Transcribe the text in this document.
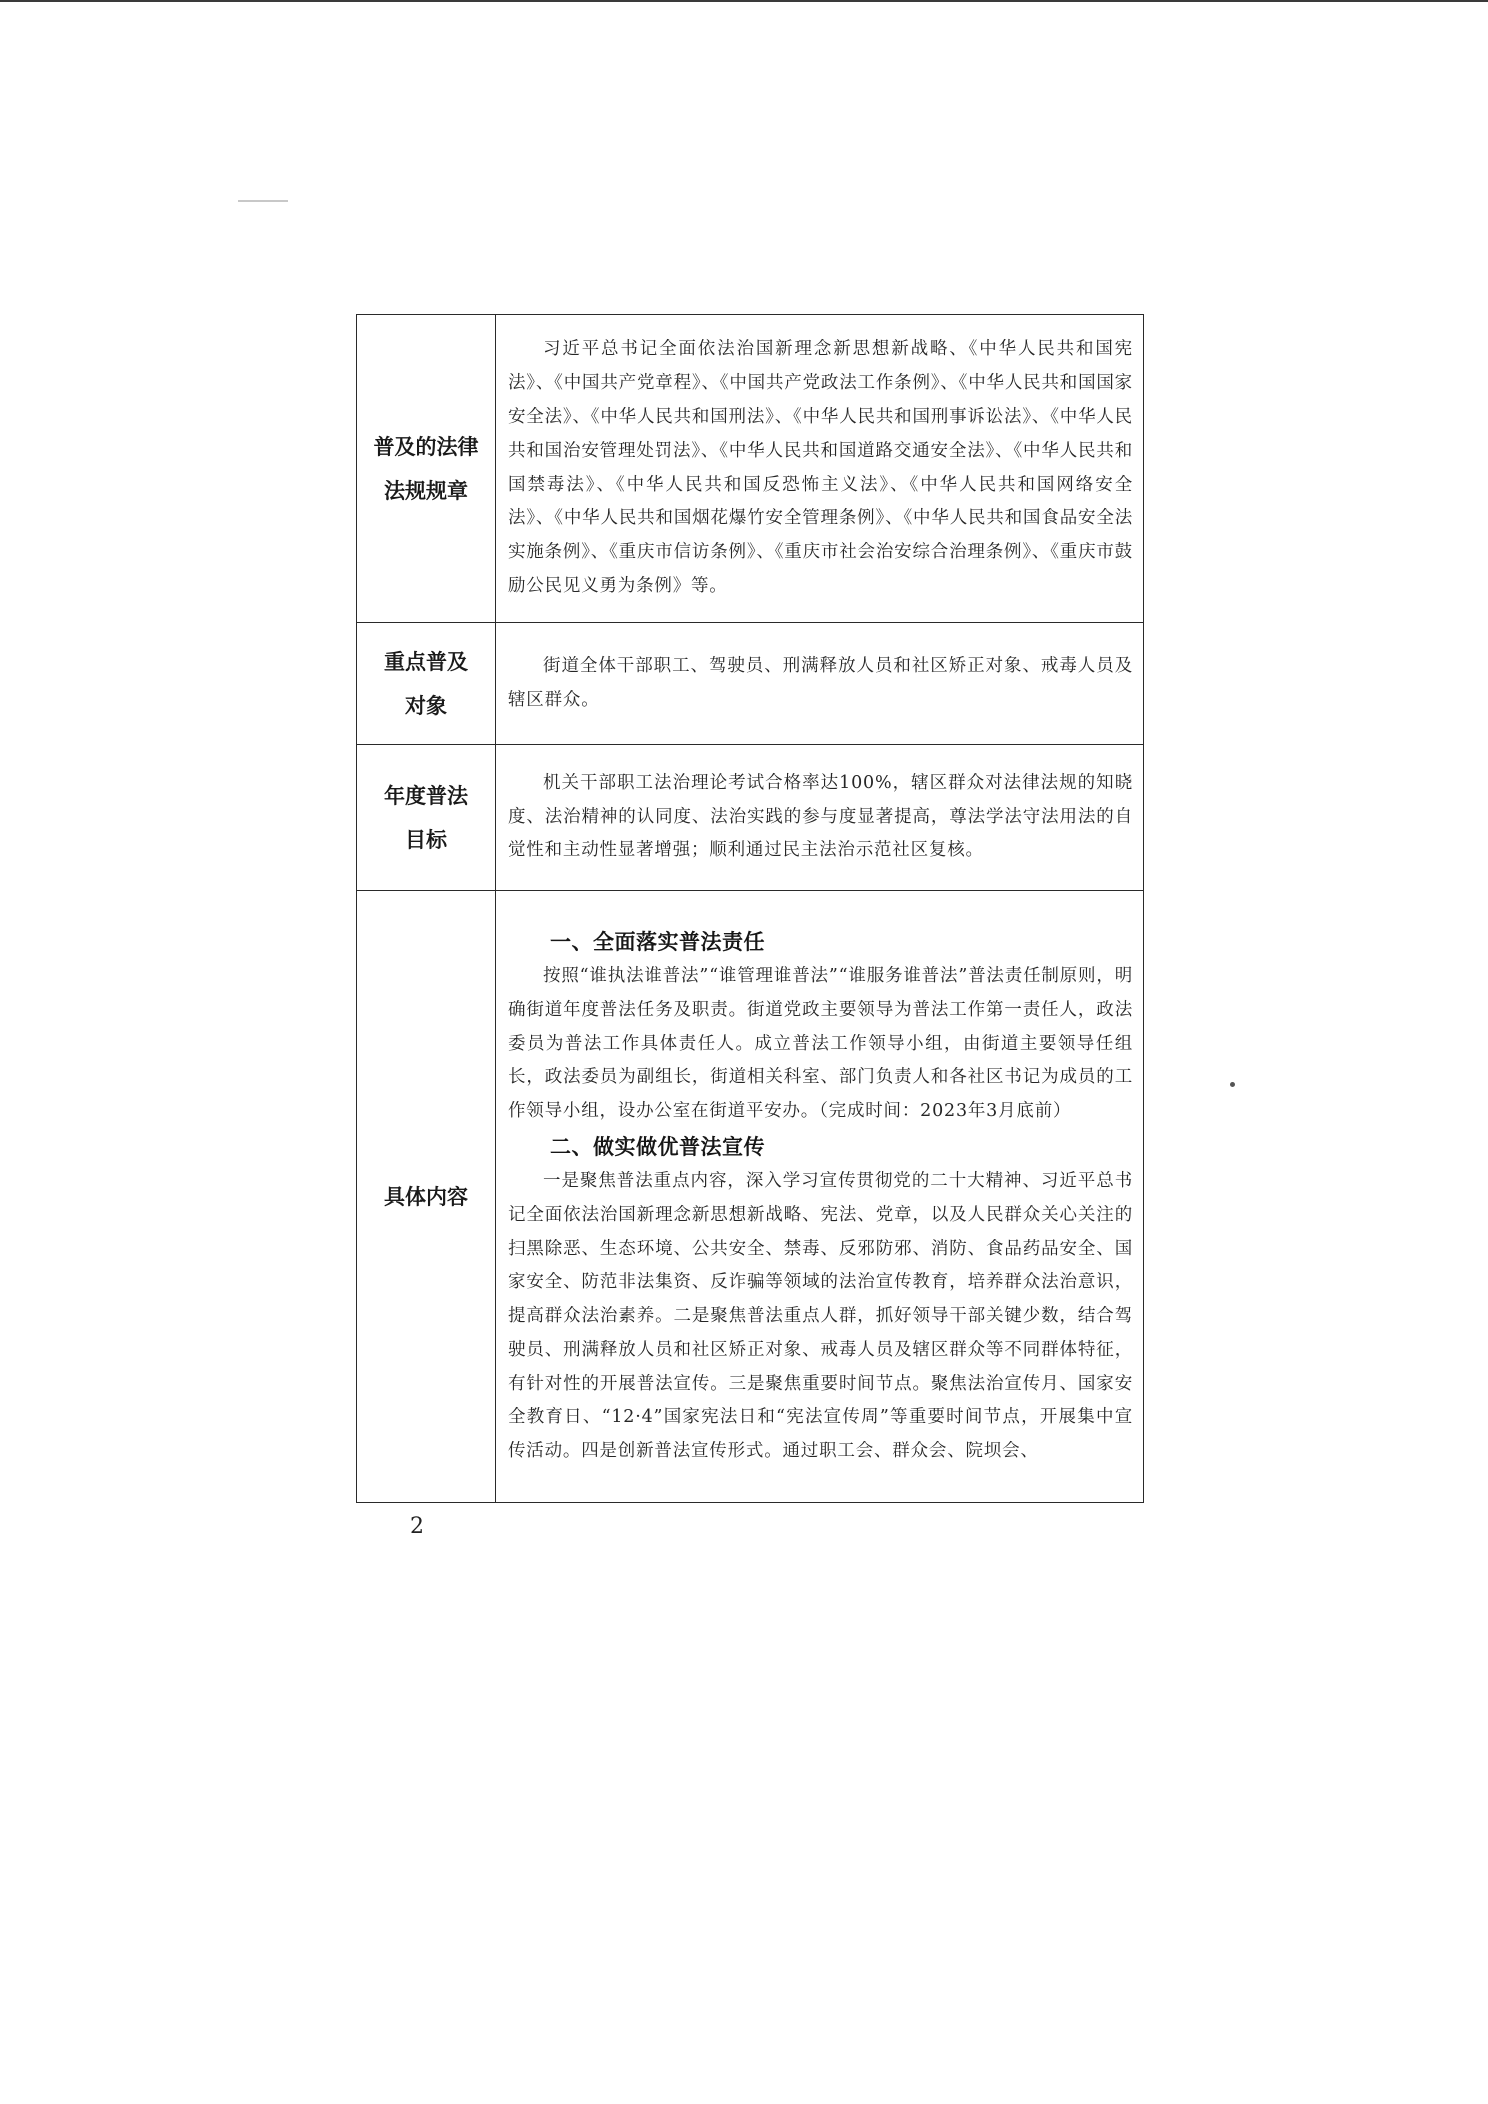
普及的法律
法规规章	习近平总书记全面依法治国新理念新思想新战略、《中华人民共和国宪法》、《中国共产党章程》、《中国共产党政法工作条例》、《中华人民共和国国家安全法》、《中华人民共和国刑法》、《中华人民共和国刑事诉讼法》、《中华人民共和国治安管理处罚法》、《中华人民共和国道路交通安全法》、《中华人民共和国禁毒法》、《中华人民共和国反恐怖主义法》、《中华人民共和国网络安全法》、《中华人民共和国烟花爆竹安全管理条例》、《中华人民共和国食品安全法实施条例》、《重庆市信访条例》、《重庆市社会治安综合治理条例》、《重庆市鼓励公民见义勇为条例》等。

重点普及
对象	街道全体干部职工、驾驶员、刑满释放人员和社区矫正对象、戒毒人员及辖区群众。

年度普法
目标	机关干部职工法治理论考试合格率达100%，辖区群众对法律法规的知晓度、法治精神的认同度、法治实践的参与度显著提高，尊法学法守法用法的自觉性和主动性显著增强；顺利通过民主法治示范社区复核。

具体内容	一、全面落实普法责任

按照“谁执法谁普法”“谁管理谁普法”“谁服务谁普法”普法责任制原则，明确街道年度普法任务及职责。街道党政主要领导为普法工作第一责任人，政法委员为普法工作具体责任人。成立普法工作领导小组，由街道主要领导任组长，政法委员为副组长，街道相关科室、部门负责人和各社区书记为成员的工作领导小组，设办公室在街道平安办。（完成时间：2023年3月底前）

二、做实做优普法宣传

一是聚焦普法重点内容，深入学习宣传贯彻党的二十大精神、习近平总书记全面依法治国新理念新思想新战略、宪法、党章，以及人民群众关心关注的扫黑除恶、生态环境、公共安全、禁毒、反邪防邪、消防、食品药品安全、国家安全、防范非法集资、反诈骗等领域的法治宣传教育，培养群众法治意识，提高群众法治素养。二是聚焦普法重点人群，抓好领导干部关键少数，结合驾驶员、刑满释放人员和社区矫正对象、戒毒人员及辖区群众等不同群体特征，有针对性的开展普法宣传。三是聚焦重要时间节点。聚焦法治宣传月、国家安全教育日、“12·4”国家宪法日和“宪法宣传周”等重要时间节点，开展集中宣传活动。四是创新普法宣传形式。通过职工会、群众会、院坝会、

2
